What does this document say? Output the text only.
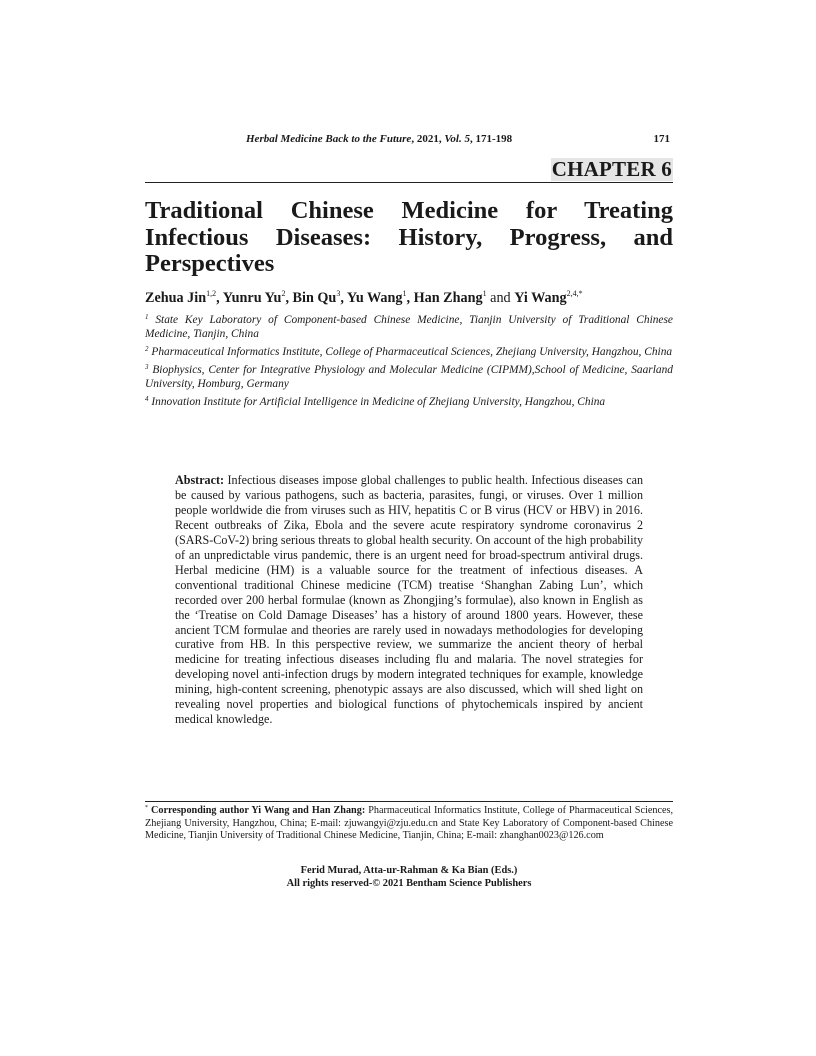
Herbal Medicine Back to the Future, 2021, Vol. 5, 171-198	171
CHAPTER 6
Traditional Chinese Medicine for Treating
Infectious Diseases: History, Progress, and
Perspectives
Zehua Jin$^{1,2}$, Yunru Yu$^2$, Bin Qu$^3$, Yu Wang$^1$, Han Zhang$^1$ and Yi Wang$^{2,4,*}$

$^1$ State Key Laboratory of Component-based Chinese Medicine, Tianjin University of Traditional Chinese Medicine, Tianjin, China

$^2$ Pharmaceutical Informatics Institute, College of Pharmaceutical Sciences, Zhejiang University, Hangzhou, China

$^3$ Biophysics, Center for Integrative Physiology and Molecular Medicine (CIPMM),School of Medicine, Saarland University, Homburg, Germany

$^4$ Innovation Institute for Artificial Intelligence in Medicine of Zhejiang University, Hangzhou, China

Abstract: Infectious diseases impose global challenges to public health. Infectious diseases can be caused by various pathogens, such as bacteria, parasites, fungi, or viruses. Over 1 million people worldwide die from viruses such as HIV, hepatitis C or B virus (HCV or HBV) in 2016. Recent outbreaks of Zika, Ebola and the severe acute respiratory syndrome coronavirus 2 (SARS-CoV-2) bring serious threats to global health security. On account of the high probability of an unpredictable virus pandemic, there is an urgent need for broad-spectrum antiviral drugs. Herbal medicine (HM) is a valuable source for the treatment of infectious diseases. A conventional traditional Chinese medicine (TCM) treatise ‘Shanghan Zabing Lun’, which recorded over 200 herbal formulae (known as Zhongjing’s formulae), also known in English as the ‘Treatise on Cold Damage Diseases’ has a history of around 1800 years. However, these ancient TCM formulae and theories are rarely used in nowadays methodologies for developing curative from HB. In this perspective review, we summarize the ancient theory of herbal medicine for treating infectious diseases including flu and malaria. The novel strategies for developing novel anti-infection drugs by modern integrated techniques for example, knowledge mining, high-content screening, phenotypic assays are also discussed, which will shed light on revealing novel properties and biological functions of phytochemicals inspired by ancient medical knowledge.

* Corresponding author Yi Wang and Han Zhang: Pharmaceutical Informatics Institute, College of Pharmaceutical Sciences, Zhejiang University, Hangzhou, China; E-mail: zjuwangyi@zju.edu.cn and State Key Laboratory of Component-based Chinese Medicine, Tianjin University of Traditional Chinese Medicine, Tianjin, China; E-mail: zhanghan0023@126.com

Ferid Murad, Atta-ur-Rahman & Ka Bian (Eds.)
All rights reserved-© 2021 Bentham Science Publishers
